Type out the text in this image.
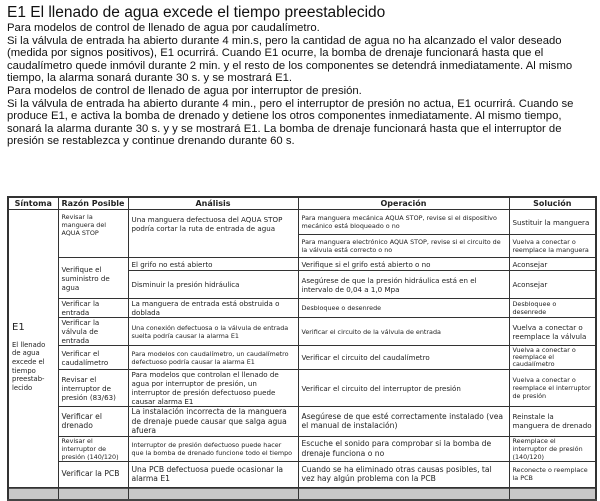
E1 El llenado de agua excede el tiempo preestablecido

Para modelos de control de llenado de agua por caudalímetro.

Si la válvula de entrada ha abierto durante 4 min.s, pero la cantidad de agua no ha alcanzado el valor deseado (medida por signos positivos), E1 ocurrirá. Cuando E1 ocurre, la bomba de drenaje funcionará hasta que el caudalímetro quede inmóvil durante 2 min. y el resto de los componentes se detendrá inmediatamente. Al mismo tiempo, la alarma sonará durante 30 s. y se mostrará E1.

Para modelos de control de llenado de agua por interruptor de presión.

Si la válvula de entrada ha abierto durante 4 min., pero el interruptor de presión no actua, E1 ocurrirá. Cuando se produce E1, e activa la bomba de drenado y detiene los otros componentes inmediatamente. Al mismo tiempo, sonará la alarma durante 30 s. y y se mostrará E1. La bomba de drenaje funcionará hasta que el interruptor de presión se restablezca y continue drenando durante 60 s.

Síntoma	Razón Posible	Análisis	Operación	Solución

E1
El llenado de agua excede el tiempo preestab-lecido	Revisar la manguera del AQUA STOP	Una manguera defectuosa del AQUA STOP podría cortar la ruta de entrada de agua	Para manguera mecánica AQUA STOP, revise si el dispositivo mecánico está bloqueado o no	Sustituir la manguera
			Para manguera electrónico AQUA STOP, revise si el circuito de la válvula está correcto o no	Vuelva a conectar o reemplace la manguera
	Verifique el suministro de agua	El grifo no está abierto	Verifique si el grifo está abierto o no	Aconsejar
		Disminuir la presión hidráulica	Asegúrese de que la presión hidráulica está en el intervalo de 0,04 a 1,0 Mpa	Aconsejar
	Verificar la entrada	La manguera de entrada está obstruida o doblada	Desbloquee o desenrede	Desbloquee o desenrede
	Verificar la válvula de entrada	Una conexión defectuosa o la válvula de entrada suelta podría causar la alarma E1	Verificar el circuito de la válvula de entrada	Vuelva a conectar o reemplace la válvula
	Verificar el caudalímetro	Para modelos con caudalímetro, un caudalímetro defectuoso podría causar la alarma E1	Verificar el circuito del caudalímetro	Vuelva a conectar o reemplace el caudalímetro
	Revisar el interruptor de presión (83/63)	Para modelos que controlan el llenado de agua por interruptor de presión, un interruptor de presión defectuoso puede causar alarma E1	Verificar el circuito del interruptor de presión	Vuelva a conectar o reemplace el interruptor de presión
	Verificar el drenado	La instalación incorrecta de la manguera de drenaje puede causar que salga agua afuera	Asegúrese de que esté correctamente instalado (vea el manual de instalación)	Reinstale la manguera de drenado
	Revisar el interruptor de presión (140/120)	Interruptor de presión defectuoso puede hacer que la bomba de drenado funcione todo el tiempo	Escuche el sonido para comprobar si la bomba de drenaje funciona o no	Reemplace el interruptor de presión (140/120)
	Verificar la PCB	Una PCB defectuosa puede ocasionar la alarma E1	Cuando se ha eliminado otras causas posibles, tal vez hay algún problema con la PCB	Reconecte o reemplace la PCB
